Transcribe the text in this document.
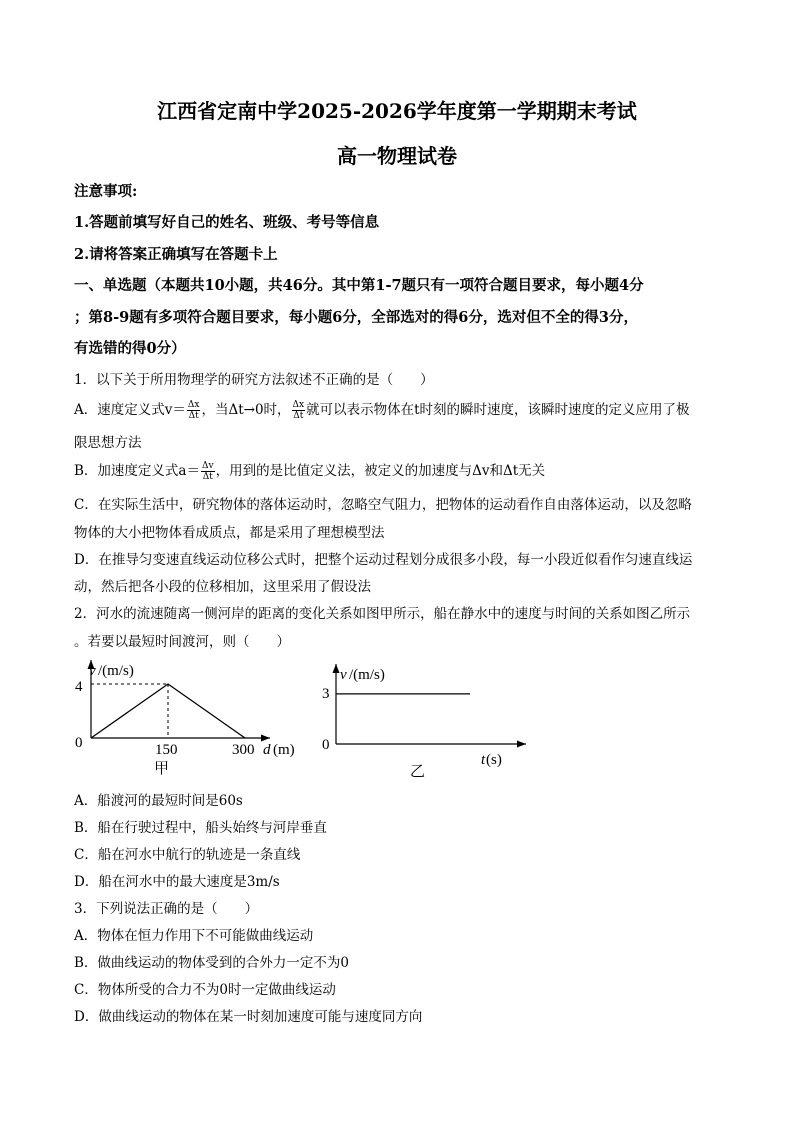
江西省定南中学2025-2026学年度第一学期期末考试
高一物理试卷
注意事项:
1.答题前填写好自己的姓名、班级、考号等信息
2.请将答案正确填写在答题卡上
一、单选题（本题共10小题，共46分。其中第1-7题只有一项符合题目要求，每小题4分
；第8-9题有多项符合题目要求，每小题6分，全部选对的得6分，选对但不全的得3分，
有选错的得0分）
1．以下关于所用物理学的研究方法叙述不正确的是（　　）
A．速度定义式$v= \frac{\Delta x}{\Delta t}$ ，当Δt→0时， $\frac{\Delta x}{\Delta t}$ 就可以表示物体在t时刻的瞬时速度，该瞬时速度的定义应用了极
限思想方法
B．加速度定义式$a= \frac{\Delta v}{\Delta t}$ ，用到的是比值定义法，被定义的加速度与Δv和Δt无关
C．在实际生活中，研究物体的落体运动时，忽略空气阻力，把物体的运动看作自由落体运动，以及忽略
物体的大小把物体看成质点，都是采用了理想模型法
D．在推导匀变速直线运动位移公式时，把整个运动过程划分成很多小段，每一小段近似看作匀速直线运
动，然后把各小段的位移相加，这里采用了假设法
2．河水的流速随离一侧河岸的距离的变化关系如图甲所示，船在静水中的速度与时间的关系如图乙所示
。若要以最短时间渡河，则（　　）
v /(m/s)
4
0	150	300 d (m)
甲
v /(m/s)
3
0
t (s)
乙
A．船渡河的最短时间是60s
B．船在行驶过程中，船头始终与河岸垂直
C．船在河水中航行的轨迹是一条直线
D．船在河水中的最大速度是3m/s
3．下列说法正确的是（　　）
A．物体在恒力作用下不可能做曲线运动
B．做曲线运动的物体受到的合外力一定不为0
C．物体所受的合力不为0时一定做曲线运动
D．做曲线运动的物体在某一时刻加速度可能与速度同方向
